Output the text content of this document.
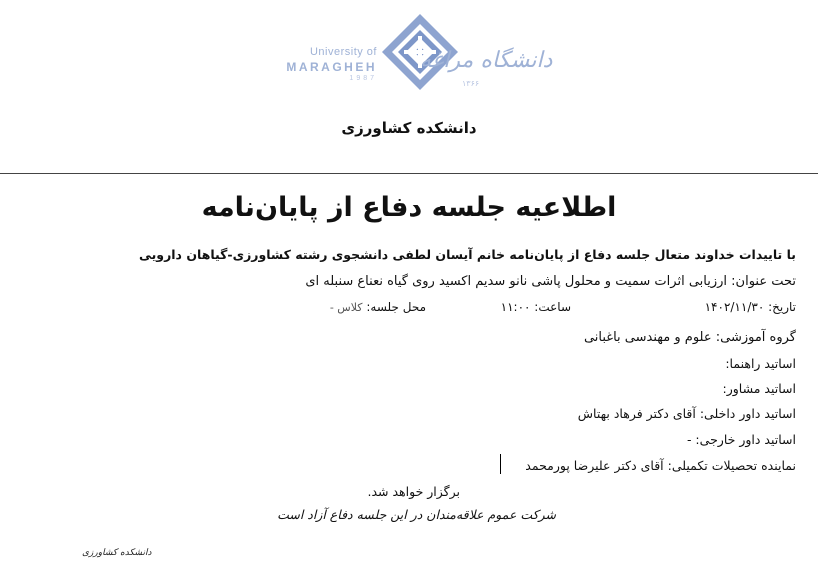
University of
MARAGHEH
1987
دانشگاه مراغه
۱۳۶۶
دانشکده کشاورزی
اطلاعیه جلسه دفاع از پایان‌نامه
با تاییدات خداوند متعال جلسه دفاع از پایان‌نامه خانم آیسان لطفی دانشجوی رشته کشاورزی-گیاهان دارویی
تحت عنوان: ارزیابی اثرات سمیت و محلول پاشی نانو سدیم اکسید روی گیاه نعناع سنبله ای
تاریخ: ۱۴۰۲/۱۱/۳۰
ساعت: ۱۱:۰۰
محل جلسه: کلاس -
گروه آموزشی: علوم و مهندسی باغبانی
اساتید راهنما:
اساتید مشاور:
اساتید داور داخلی: آقای دکتر فرهاد بهتاش
اساتید داور خارجی: -
نماینده تحصیلات تکمیلی: آقای دکتر علیرضا پورمحمد
برگزار خواهد شد.
شرکت عموم علاقه‌مندان در این جلسه دفاع آزاد است
دانشکده کشاورزی
